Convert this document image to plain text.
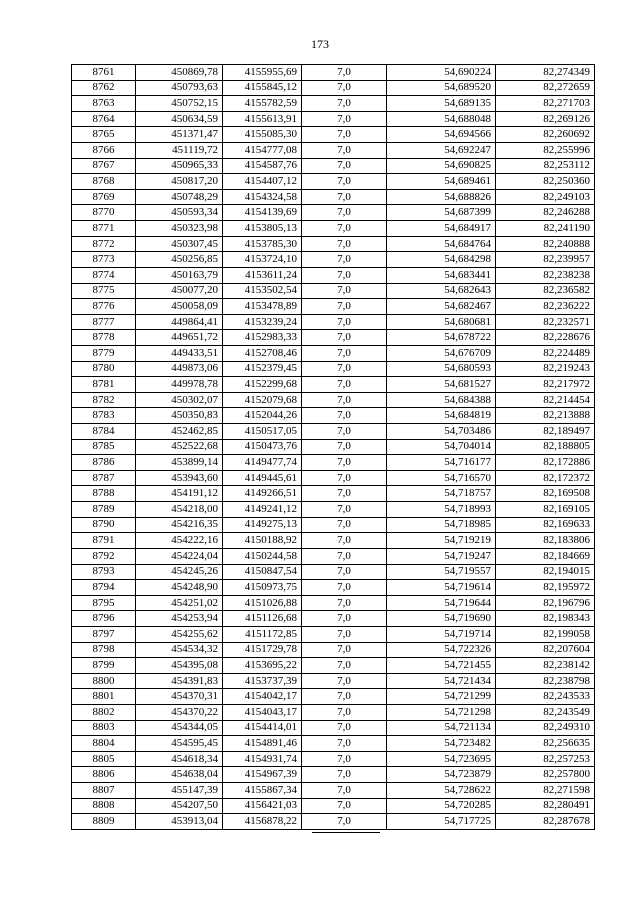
173
8761	450869,78	4155955,69	7,0	54,690224	82,274349
8762	450793,63	4155845,12	7,0	54,689520	82,272659
8763	450752,15	4155782,59	7,0	54,689135	82,271703
8764	450634,59	4155613,91	7,0	54,688048	82,269126
8765	451371,47	4155085,30	7,0	54,694566	82,260692
8766	451119,72	4154777,08	7,0	54,692247	82,255996
8767	450965,33	4154587,76	7,0	54,690825	82,253112
8768	450817,20	4154407,12	7,0	54,689461	82,250360
8769	450748,29	4154324,58	7,0	54,688826	82,249103
8770	450593,34	4154139,69	7,0	54,687399	82,246288
8771	450323,98	4153805,13	7,0	54,684917	82,241190
8772	450307,45	4153785,30	7,0	54,684764	82,240888
8773	450256,85	4153724,10	7,0	54,684298	82,239957
8774	450163,79	4153611,24	7,0	54,683441	82,238238
8775	450077,20	4153502,54	7,0	54,682643	82,236582
8776	450058,09	4153478,89	7,0	54,682467	82,236222
8777	449864,41	4153239,24	7,0	54,680681	82,232571
8778	449651,72	4152983,33	7,0	54,678722	82,228676
8779	449433,51	4152708,46	7,0	54,676709	82,224489
8780	449873,06	4152379,45	7,0	54,680593	82,219243
8781	449978,78	4152299,68	7,0	54,681527	82,217972
8782	450302,07	4152079,68	7,0	54,684388	82,214454
8783	450350,83	4152044,26	7,0	54,684819	82,213888
8784	452462,85	4150517,05	7,0	54,703486	82,189497
8785	452522,68	4150473,76	7,0	54,704014	82,188805
8786	453899,14	4149477,74	7,0	54,716177	82,172886
8787	453943,60	4149445,61	7,0	54,716570	82,172372
8788	454191,12	4149266,51	7,0	54,718757	82,169508
8789	454218,00	4149241,12	7,0	54,718993	82,169105
8790	454216,35	4149275,13	7,0	54,718985	82,169633
8791	454222,16	4150188,92	7,0	54,719219	82,183806
8792	454224,04	4150244,58	7,0	54,719247	82,184669
8793	454245,26	4150847,54	7,0	54,719557	82,194015
8794	454248,90	4150973,75	7,0	54,719614	82,195972
8795	454251,02	4151026,88	7,0	54,719644	82,196796
8796	454253,94	4151126,68	7,0	54,719690	82,198343
8797	454255,62	4151172,85	7,0	54,719714	82,199058
8798	454534,32	4151729,78	7,0	54,722326	82,207604
8799	454395,08	4153695,22	7,0	54,721455	82,238142
8800	454391,83	4153737,39	7,0	54,721434	82,238798
8801	454370,31	4154042,17	7,0	54,721299	82,243533
8802	454370,22	4154043,17	7,0	54,721298	82,243549
8803	454344,05	4154414,01	7,0	54,721134	82,249310
8804	454595,45	4154891,46	7,0	54,723482	82,256635
8805	454618,34	4154931,74	7,0	54,723695	82,257253
8806	454638,04	4154967,39	7,0	54,723879	82,257800
8807	455147,39	4155867,34	7,0	54,728622	82,271598
8808	454207,50	4156421,03	7,0	54,720285	82,280491
8809	453913,04	4156878,22	7,0	54,717725	82,287678
